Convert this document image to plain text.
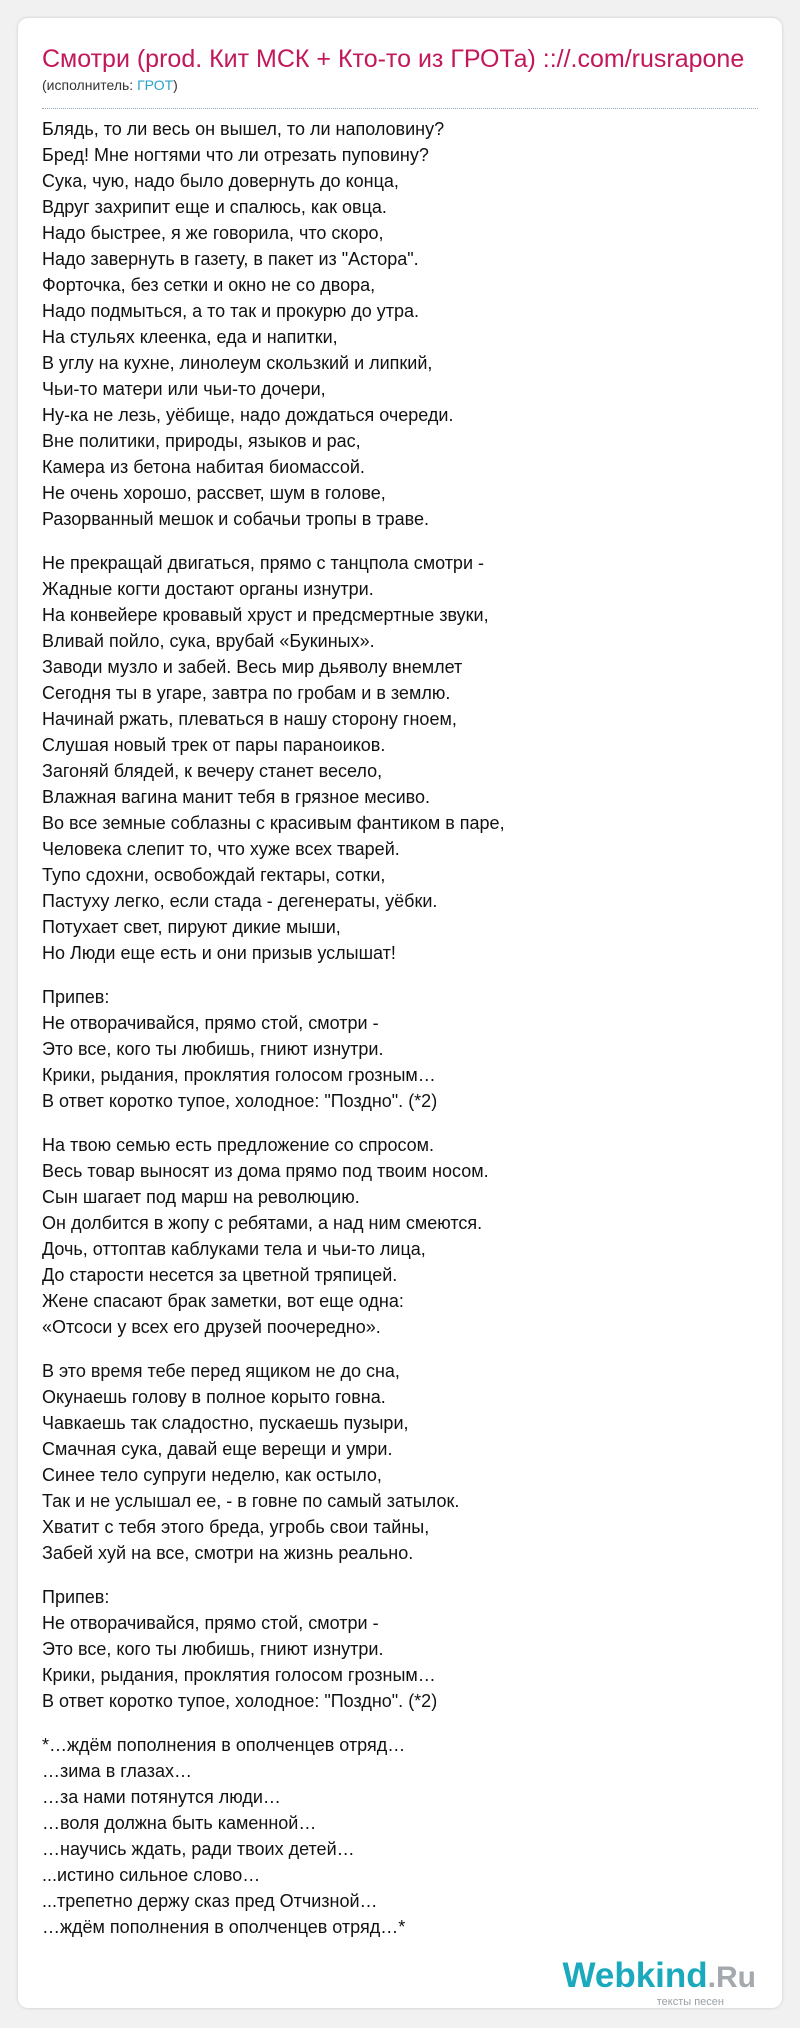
Смотри (prod. Кит МСК + Кто-то из ГРОТа) :://.com/rusrapone
(исполнитель: ГРОТ)
Блядь, то ли весь он вышел, то ли наполовину?
Бред! Мне ногтями что ли отрезать пуповину?
Сука, чую, надо было довернуть до конца,
Вдруг захрипит еще и спалюсь, как овца.
Надо быстрее, я же говорила, что скоро,
Надо завернуть в газету, в пакет из "Астора".
Форточка, без сетки и окно не со двора,
Надо подмыться, а то так и прокурю до утра.
На стульях клеенка, еда и напитки,
В углу на кухне, линолеум скользкий и липкий,
Чьи-то матери или чьи-то дочери,
Ну-ка не лезь, уёбище, надо дождаться очереди.
Вне политики, природы, языков и рас,
Камера из бетона набитая биомассой.
Не очень хорошо, рассвет, шум в голове,
Разорванный мешок и собачьи тропы в траве.
Не прекращай двигаться, прямо с танцпола смотри -
Жадные когти достают органы изнутри.
На конвейере кровавый хруст и предсмертные звуки,
Вливай пойло, сука, врубай «Букиных».
Заводи музло и забей. Весь мир дьяволу внемлет
Сегодня ты в угаре, завтра по гробам и в землю.
Начинай ржать, плеваться в нашу сторону гноем,
Слушая новый трек от пары параноиков.
Загоняй блядей, к вечеру станет весело,
Влажная вагина манит тебя в грязное месиво.
Во все земные соблазны с красивым фантиком в паре,
Человека слепит то, что хуже всех тварей.
Тупо сдохни, освобождай гектары, сотки,
Пастуху легко, если стада - дегенераты, уёбки.
Потухает свет, пируют дикие мыши,
Но Люди еще есть и они призыв услышат!
Припев:
Не отворачивайся, прямо стой, смотри -
Это все, кого ты любишь, гниют изнутри.
Крики, рыдания, проклятия голосом грозным…
В ответ коротко тупое, холодное: "Поздно". (*2)
На твою семью есть предложение со спросом.
Весь товар выносят из дома прямо под твоим носом.
Сын шагает под марш на революцию.
Он долбится в жопу с ребятами, а над ним смеются.
Дочь, оттоптав каблуками тела и чьи-то лица,
До старости несется за цветной тряпицей.
Жене спасают брак заметки, вот еще одна:
«Отсоси у всех его друзей поочередно».
В это время тебе перед ящиком не до сна,
Окунаешь голову в полное корыто говна.
Чавкаешь так сладостно, пускаешь пузыри,
Смачная сука, давай еще верещи и умри.
Синее тело супруги неделю, как остыло,
Так и не услышал ее, - в говне по самый затылок.
Хватит с тебя этого бреда, угробь свои тайны,
Забей хуй на все, смотри на жизнь реально.
Припев:
Не отворачивайся, прямо стой, смотри -
Это все, кого ты любишь, гниют изнутри.
Крики, рыдания, проклятия голосом грозным…
В ответ коротко тупое, холодное: "Поздно". (*2)
*…ждём пополнения в ополченцев отряд…
…зима в глазах…
…за нами потянутся люди…
…воля должна быть каменной…
…научись ждать, ради твоих детей…
...истино сильное слово…
...трепетно держу сказ пред Отчизной…
…ждём пополнения в ополченцев отряд…*
Webkind.Ru
тексты песен
